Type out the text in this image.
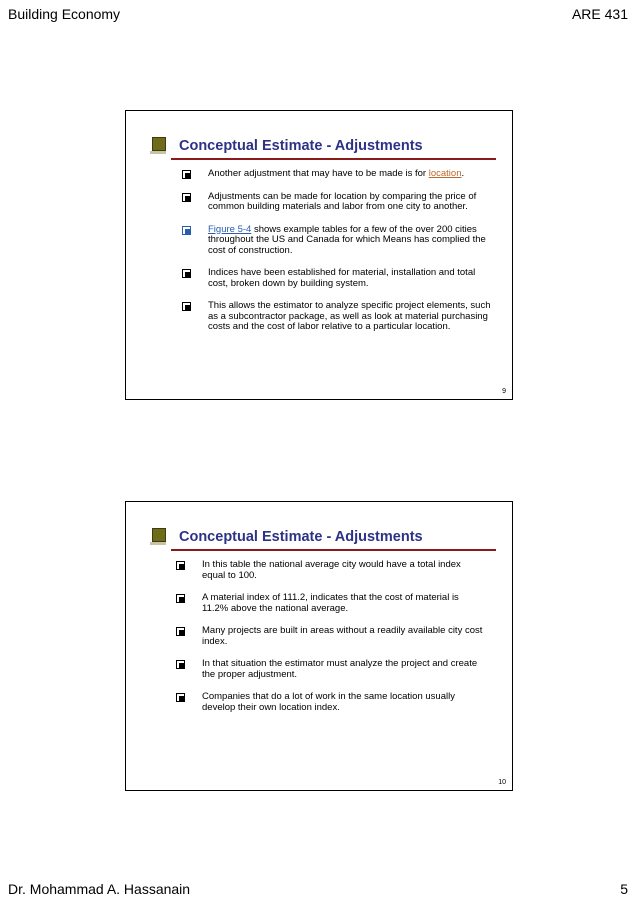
Building Economy	ARE 431
Conceptual Estimate - Adjustments
Another adjustment that may have to be made is for location.
Adjustments can be made for location by comparing the price of common building materials and labor from one city to another.
Figure 5-4 shows example tables for a few of the over 200 cities throughout the US and Canada for which Means has complied the cost of construction.
Indices have been established for material, installation and total cost, broken down by building system.
This allows the estimator to analyze specific project elements, such as a subcontractor package, as well as look at material purchasing costs and the cost of labor relative to a particular location.
9
Conceptual Estimate - Adjustments
In this table the national average city would have a total index equal to 100.
A material index of 111.2, indicates that the cost of material is 11.2% above the national average.
Many projects are built in areas without a readily available city cost index.
In that situation the estimator must analyze the project and create the proper adjustment.
Companies that do a lot of work in the same location usually develop their own location index.
10
Dr. Mohammad A. Hassanain	5
